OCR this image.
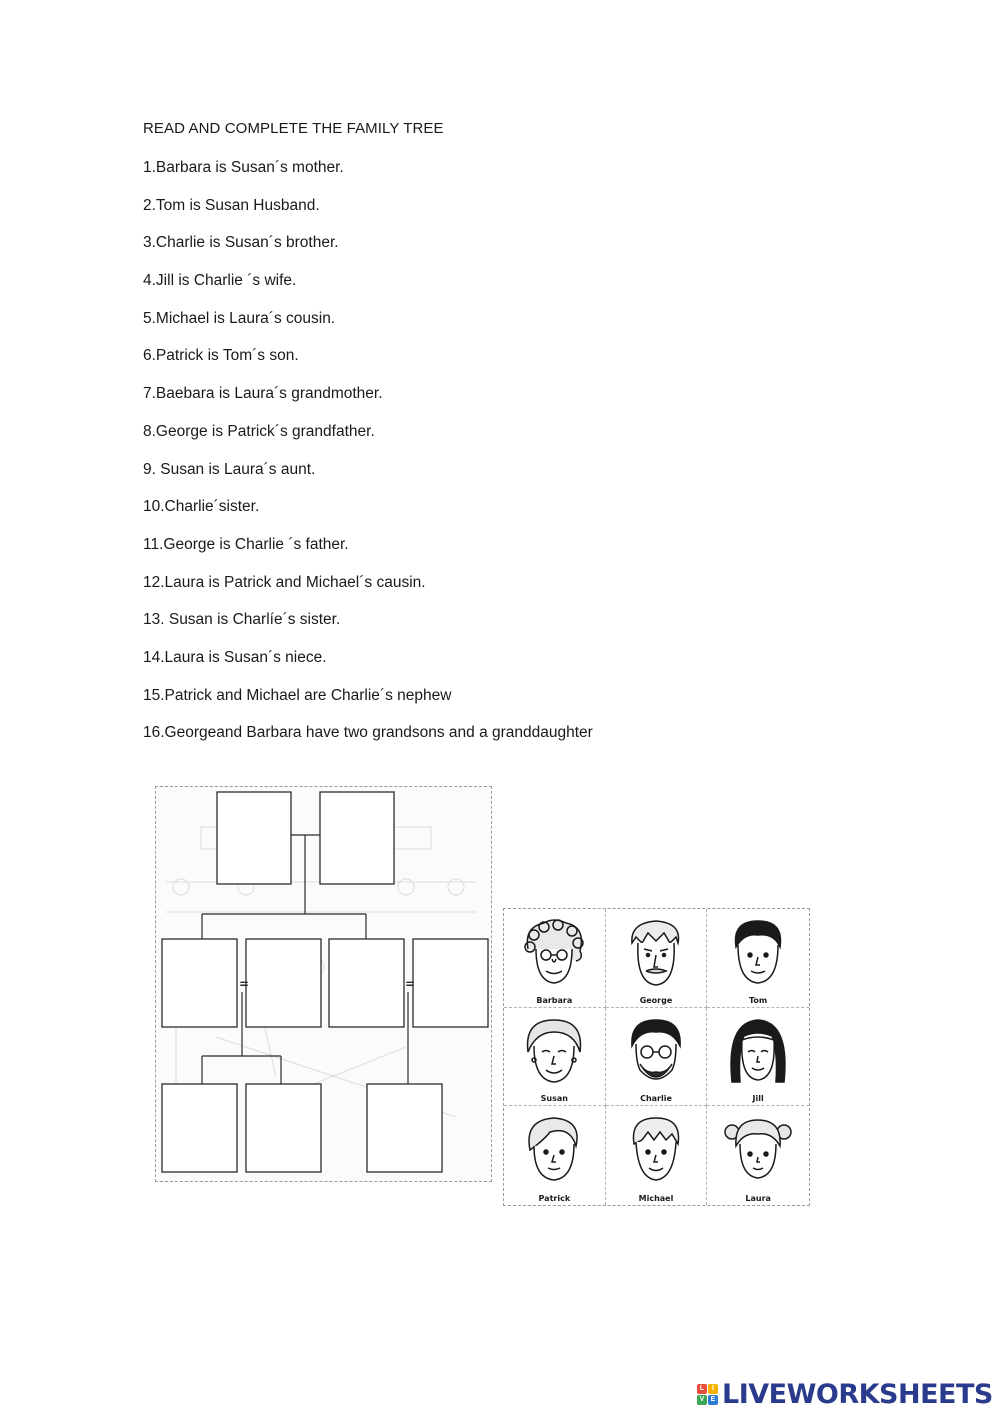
READ AND COMPLETE THE FAMILY TREE
1.Barbara is Susan´s mother.
2.Tom is Susan Husband.
3.Charlie is Susan´s brother.
4.Jill is Charlie ´s wife.
5.Michael is Laura´s cousin.
6.Patrick is Tom´s son.
7.Baebara is Laura´s grandmother.
8.George is Patrick´s grandfather.
9. Susan is Laura´s aunt.
10.Charlie´sister.
11.George is Charlie ´s father.
12.Laura is Patrick and Michael´s causin.
13. Susan is Charlíe´s sister.
14.Laura is Susan´s niece.
15.Patrick and Michael are Charlie´s nephew
16.Georgeand Barbara have two grandsons and a granddaughter
=	=
Barbara	George	Tom
Susan	Charlie	Jill
Patrick	Michael	Laura
L	I
V E LIVEWORKSHEETS
